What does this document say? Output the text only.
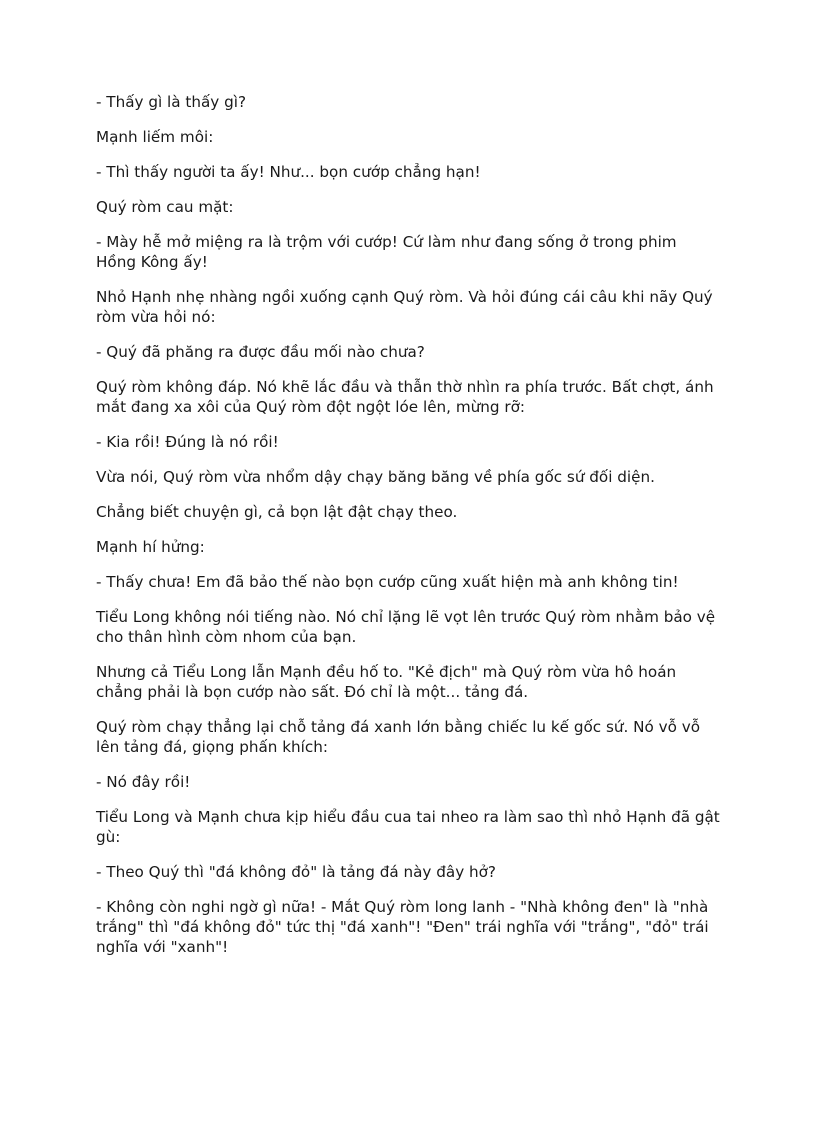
- Thấy gì là thấy gì?

Mạnh liếm môi:

- Thì thấy người ta ấy! Như... bọn cướp chẳng hạn!

Quý ròm cau mặt:

- Mày hễ mở miệng ra là trộm với cướp! Cứ làm như đang sống ở trong phim Hồng Kông ấy!

Nhỏ Hạnh nhẹ nhàng ngồi xuống cạnh Quý ròm. Và hỏi đúng cái câu khi nãy Quý ròm vừa hỏi nó:

- Quý đã phăng ra được đầu mối nào chưa?

Quý ròm không đáp. Nó khẽ lắc đầu và thẫn thờ nhìn ra phía trước. Bất chợt, ánh mắt đang xa xôi của Quý ròm đột ngột lóe lên, mừng rỡ:

- Kia rồi! Đúng là nó rồi!

Vừa nói, Quý ròm vừa nhổm dậy chạy băng băng về phía gốc sứ đối diện.

Chẳng biết chuyện gì, cả bọn lật đật chạy theo.

Mạnh hí hửng:

- Thấy chưa! Em đã bảo thế nào bọn cướp cũng xuất hiện mà anh không tin!

Tiểu Long không nói tiếng nào. Nó chỉ lặng lẽ vọt lên trước Quý ròm nhằm bảo vệ cho thân hình còm nhom của bạn.

Nhưng cả Tiểu Long lẫn Mạnh đều hố to. "Kẻ địch" mà Quý ròm vừa hô hoán chẳng phải là bọn cướp nào sất. Đó chỉ là một... tảng đá.

Quý ròm chạy thẳng lại chỗ tảng đá xanh lớn bằng chiếc lu kế gốc sứ. Nó vỗ vỗ lên tảng đá, giọng phấn khích:

- Nó đây rồi!

Tiểu Long và Mạnh chưa kịp hiểu đầu cua tai nheo ra làm sao thì nhỏ Hạnh đã gật gù:

- Theo Quý thì "đá không đỏ" là tảng đá này đây hở?

- Không còn nghi ngờ gì nữa! - Mắt Quý ròm long lanh - "Nhà không đen" là "nhà trắng" thì "đá không đỏ" tức thị "đá xanh"! "Đen" trái nghĩa với "trắng", "đỏ" trái nghĩa với "xanh"!
